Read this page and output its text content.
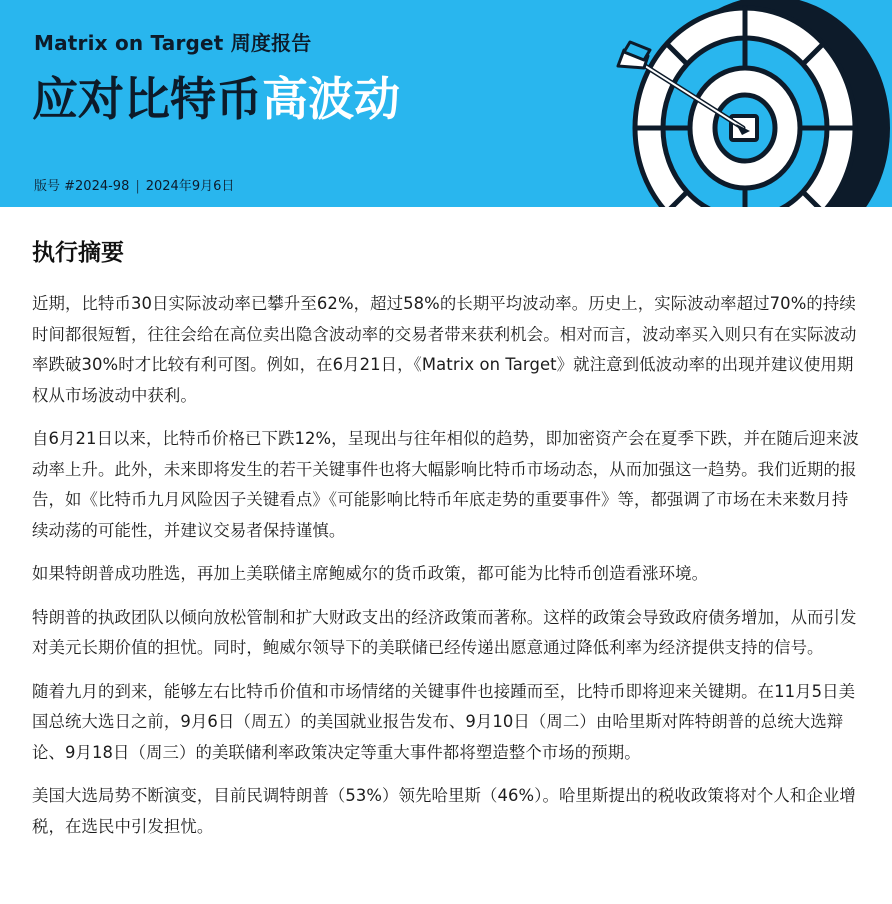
Matrix on Target 周度报告
应对比特币高波动
版号 #2024-98 | 2024年9月6日
执行摘要

近期，比特币30日实际波动率已攀升至62%，超过58%的长期平均波动率。历史上，实际波动率超过70%的持续时间都很短暂，往往会给在高位卖出隐含波动率的交易者带来获利机会。相对而言，波动率买入则只有在实际波动率跌破30%时才比较有利可图。例如，在6月21日，《Matrix on Target》就注意到低波动率的出现并建议使用期权从市场波动中获利。

自6月21日以来，比特币价格已下跌12%，呈现出与往年相似的趋势，即加密资产会在夏季下跌，并在随后迎来波动率上升。此外，未来即将发生的若干关键事件也将大幅影响比特币市场动态，从而加强这一趋势。我们近期的报告，如《比特币九月风险因子关键看点》《可能影响比特币年底走势的重要事件》等，都强调了市场在未来数月持续动荡的可能性，并建议交易者保持谨慎。

如果特朗普成功胜选，再加上美联储主席鲍威尔的货币政策，都可能为比特币创造看涨环境。

特朗普的执政团队以倾向放松管制和扩大财政支出的经济政策而著称。这样的政策会导致政府债务增加，从而引发对美元长期价值的担忧。同时，鲍威尔领导下的美联储已经传递出愿意通过降低利率为经济提供支持的信号。

随着九月的到来，能够左右比特币价值和市场情绪的关键事件也接踵而至，比特币即将迎来关键期。在11月5日美国总统大选日之前，9月6日（周五）的美国就业报告发布、9月10日（周二）由哈里斯对阵特朗普的总统大选辩论、9月18日（周三）的美联储利率政策决定等重大事件都将塑造整个市场的预期。

美国大选局势不断演变，目前民调特朗普（53%）领先哈里斯（46%）。哈里斯提出的税收政策将对个人和企业增税，在选民中引发担忧。
